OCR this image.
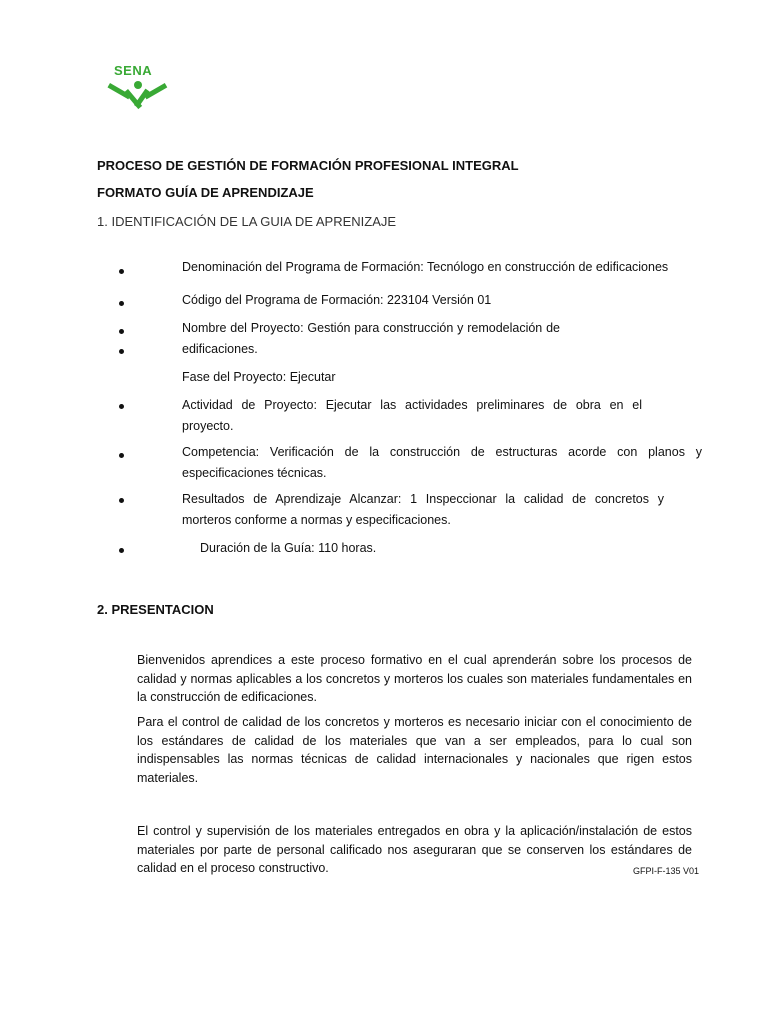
SENA
PROCESO DE GESTIÓN DE FORMACIÓN PROFESIONAL INTEGRAL
FORMATO GUÍA DE APRENDIZAJE
1. IDENTIFICACIÓN DE LA GUIA DE APRENIZAJE
Denominación del Programa de Formación: Tecnólogo en construcción de edificaciones
Código del Programa de Formación: 223104 Versión 01
Nombre del Proyecto: Gestión para construcción y remodelación de edificaciones.
Fase del Proyecto: Ejecutar
Actividad de Proyecto: Ejecutar las actividades preliminares de obra en el proyecto.
Competencia: Verificación de la construcción de estructuras acorde con planos y especificaciones técnicas.
Resultados de Aprendizaje Alcanzar: 1 Inspeccionar la calidad de concretos y morteros conforme a normas y especificaciones.
Duración de la Guía: 110 horas.
2. PRESENTACION
Bienvenidos aprendices a este proceso formativo en el cual aprenderán sobre los procesos de calidad y normas aplicables a los concretos y morteros los cuales son materiales fundamentales en la construcción de edificaciones.
Para el control de calidad de los concretos y morteros es necesario iniciar con el conocimiento de los estándares de calidad de los materiales que van a ser empleados, para lo cual son indispensables las normas técnicas de calidad internacionales y nacionales que rigen estos materiales.
El control y supervisión de los materiales entregados en obra y la aplicación/instalación de estos materiales por parte de personal calificado nos aseguraran que se conserven los estándares de calidad en el proceso constructivo.	GFPI-F-135 V01
